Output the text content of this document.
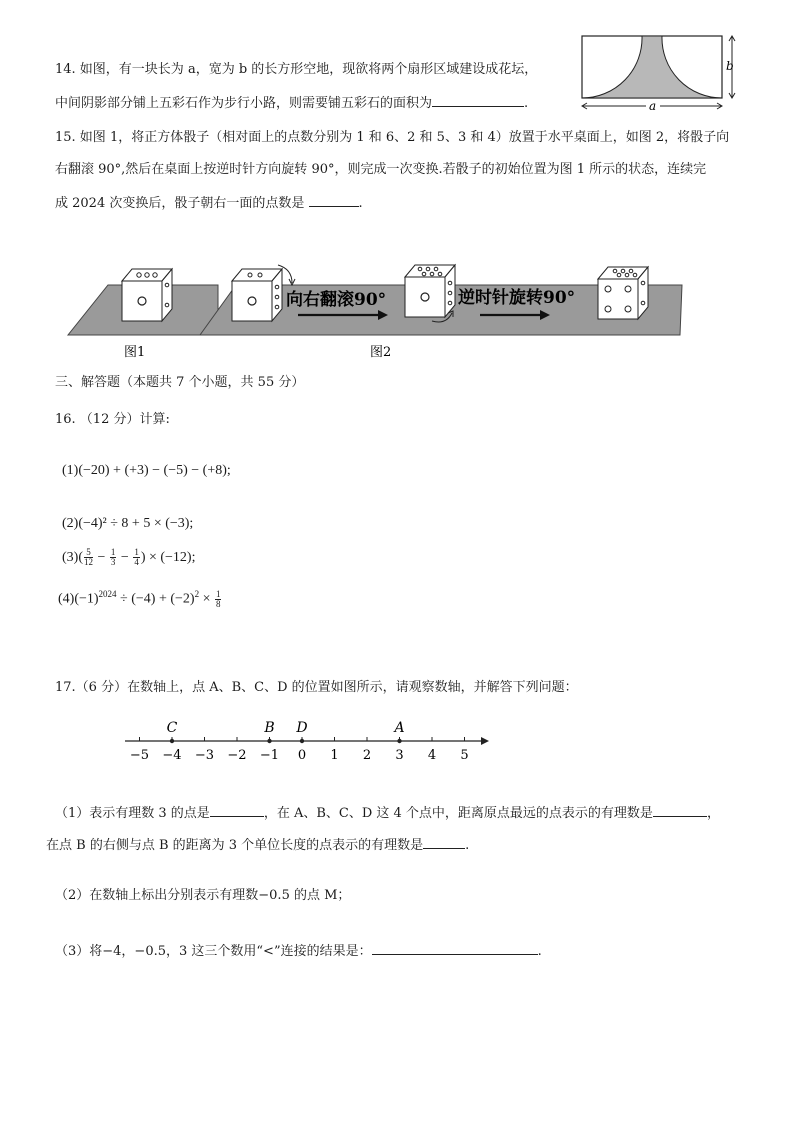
14. 如图，有一块长为 a，宽为 b 的长方形空地，现欲将两个扇形区域建设成花坛，
中间阴影部分铺上五彩石作为步行小路，则需要铺五彩石的面积为	.
b
a
15. 如图 1，将正方体骰子（相对面上的点数分别为 1 和 6、2 和 5、3 和 4）放置于水平桌面上，如图 2，将骰子向
右翻滚 90°,然后在桌面上按逆时针方向旋转 90°，则完成一次变换.若骰子的初始位置为图 1 所示的状态，连续完
成 2024 次变换后，骰子朝右一面的点数是	.
图1
向右翻滚90°	逆时针旋转90°
图2
三、解答题（本题共 7 个小题，共 55 分）
16. （12 分）计算:
(1)(−20) + (+3) − (−5) − (+8);
(2)(−4)² ÷ 8 + 5 × (−3);
$(3)( \frac{5}{12} - \frac{1}{3} - \frac{1}{4}$ ) × (−12);
$(4)(-1)^{2024} \div (-4) + (-2)^2 \times \frac{1}{8}$
17.（6 分）在数轴上，点 A、B、C、D 的位置如图所示，请观察数轴，并解答下列问题：
−5 −4 −3 −2 −1 0 1 2 3 4 5
C	B D	A
（1）表示有理数 3 的点是	，在 A、B、C、D 这 4 个点中，距离原点最远的点表示的有理数是	，
在点 B 的右侧与点 B 的距离为 3 个单位长度的点表示的有理数是	.
（2）在数轴上标出分别表示有理数−0.5 的点 M；
（3）将−4，−0.5，3 这三个数用“<”连接的结果是：	.
